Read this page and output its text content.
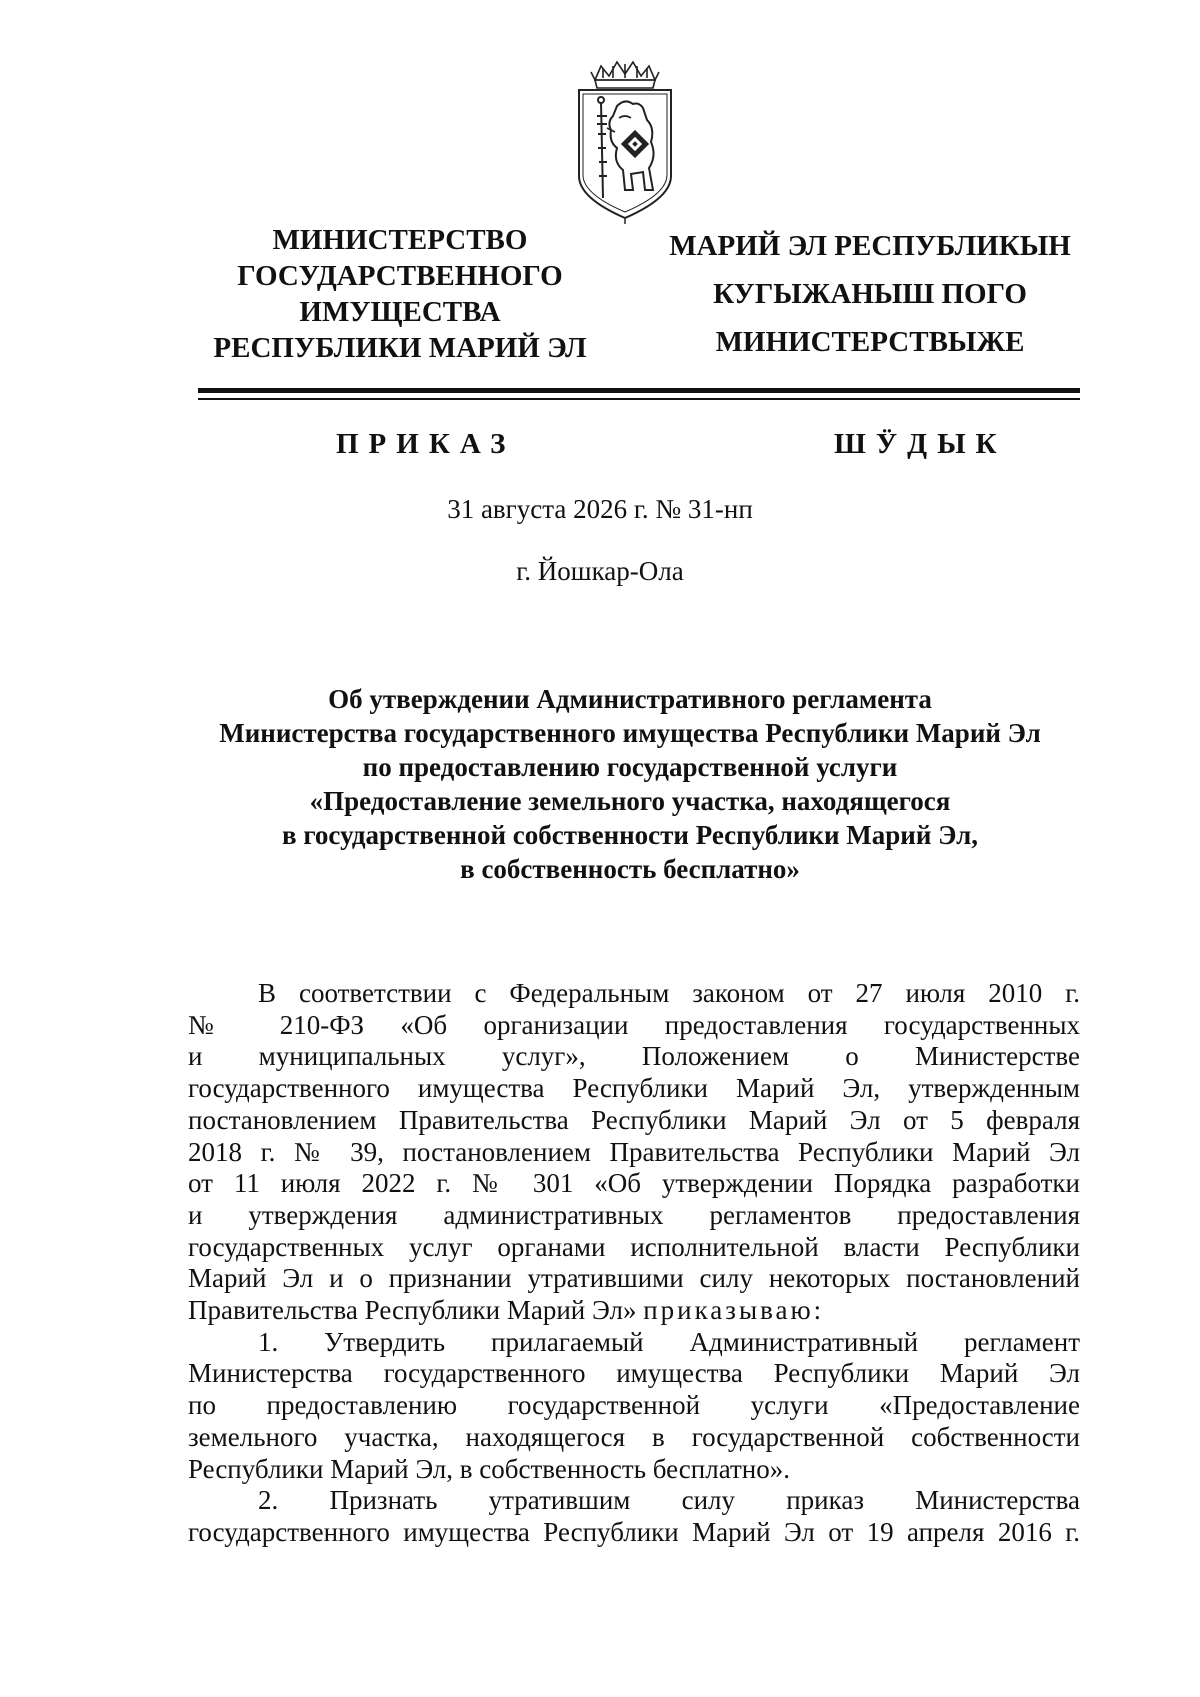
МИНИСТЕРСТВО
ГОСУДАРСТВЕННОГО
ИМУЩЕСТВА
РЕСПУБЛИКИ МАРИЙ ЭЛ
МАРИЙ ЭЛ РЕСПУБЛИКЫН
КУГЫЖАНЫШ ПОГО
МИНИСТЕРСТВЫЖЕ
ПРИКАЗ	ШӰДЫК
31 августа 2026 г. № 31-нп
г. Йошкар-Ола
Об утверждении Административного регламента
Министерства государственного имущества Республики Марий Эл
по предоставлению государственной услуги
«Предоставление земельного участка, находящегося
в государственной собственности Республики Марий Эл,
в собственность бесплатно»
В соответствии с Федеральным законом от 27 июля 2010 г.
№ 210-ФЗ «Об организации предоставления государственных
и муниципальных услуг», Положением о Министерстве
государственного имущества Республики Марий Эл, утвержденным
постановлением Правительства Республики Марий Эл от 5 февраля
2018 г. № 39, постановлением Правительства Республики Марий Эл
от 11 июля 2022 г. № 301 «Об утверждении Порядка разработки
и утверждения административных регламентов предоставления
государственных услуг органами исполнительной власти Республики
Марий Эл и о признании утратившими силу некоторых постановлений
Правительства Республики Марий Эл» приказываю:
1. Утвердить прилагаемый Административный регламент
Министерства государственного имущества Республики Марий Эл
по предоставлению государственной услуги «Предоставление
земельного участка, находящегося в государственной собственности
Республики Марий Эл, в собственность бесплатно».
2. Признать утратившим силу приказ Министерства
государственного имущества Республики Марий Эл от 19 апреля 2016 г.
